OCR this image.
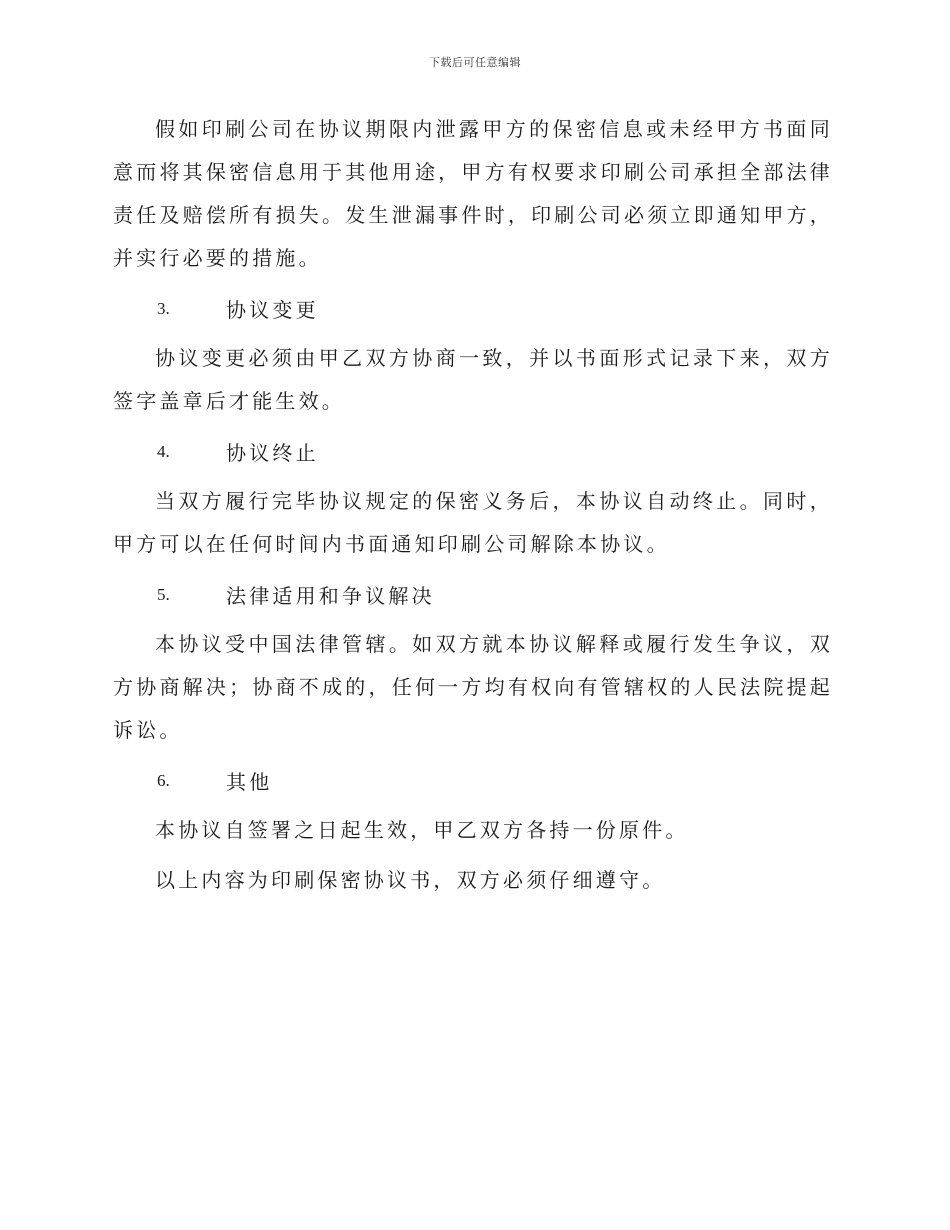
下载后可任意编辑

假如印刷公司在协议期限内泄露甲方的保密信息或未经甲方书面同意而将其保密信息用于其他用途，甲方有权要求印刷公司承担全部法律责任及赔偿所有损失。发生泄漏事件时，印刷公司必须立即通知甲方，并实行必要的措施。

3.	协议变更

协议变更必须由甲乙双方协商一致，并以书面形式记录下来，双方签字盖章后才能生效。

4.	协议终止

当双方履行完毕协议规定的保密义务后，本协议自动终止。同时，甲方可以在任何时间内书面通知印刷公司解除本协议。

5.	法律适用和争议解决

本协议受中国法律管辖。如双方就本协议解释或履行发生争议，双方协商解决；协商不成的，任何一方均有权向有管辖权的人民法院提起诉讼。

6.	其他

本协议自签署之日起生效，甲乙双方各持一份原件。

以上内容为印刷保密协议书，双方必须仔细遵守。
